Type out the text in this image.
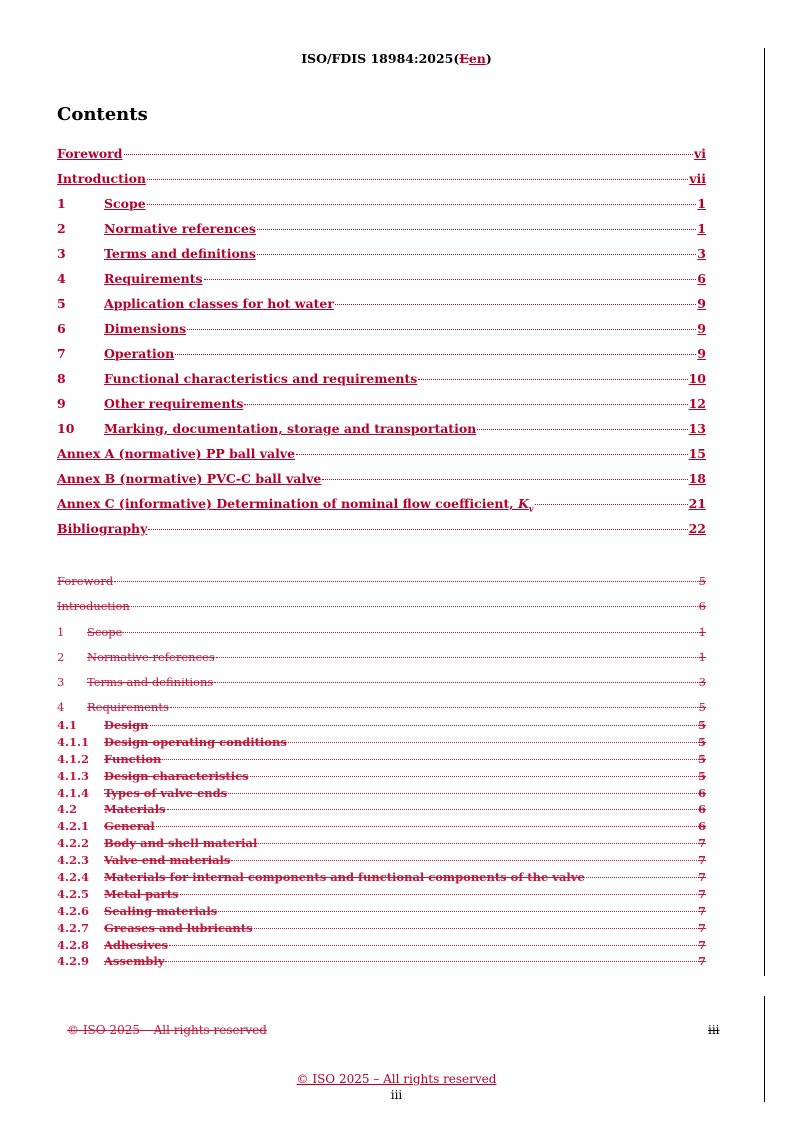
ISO/FDIS 18984:2025(Een)
Contents
Foreword	vi
Introduction	vii
1	Scope	1
2	Normative references	1
3	Terms and definitions	3
4	Requirements	6
5	Application classes for hot water	9
6	Dimensions	9
7	Operation	9
8	Functional characteristics and requirements	10
9	Other requirements	12
10 Marking, documentation, storage and transportation	13
Annex A (normative) PP ball valve	15
Annex B (normative) PVC-C ball valve	18
Annex C (informative) Determination of nominal flow coefficient, $K_v$	21
Bibliography	22
Foreword	5
Introduction	6
1 Scope	1
2 Normative references	1
3 Terms and definitions	3
4 Requirements	5
4.1 Design	5
4.1.1 Design operating conditions	5
4.1.2 Function	5
4.1.3 Design characteristics	5
4.1.4 Types of valve ends	6
4.2 Materials	6
4.2.1 General	6
4.2.2 Body and shell material	7
4.2.3 Valve end materials	7
4.2.4 Materials for internal components and functional components of the valve	7
4.2.5 Metal parts	7
4.2.6 Sealing materials	7
4.2.7 Greases and lubricants	7
4.2.8 Adhesives	7
4.2.9 Assembly	7
© ISO 2025 – All rights reserved	iii
© ISO 2025 – All rights reserved
iii
